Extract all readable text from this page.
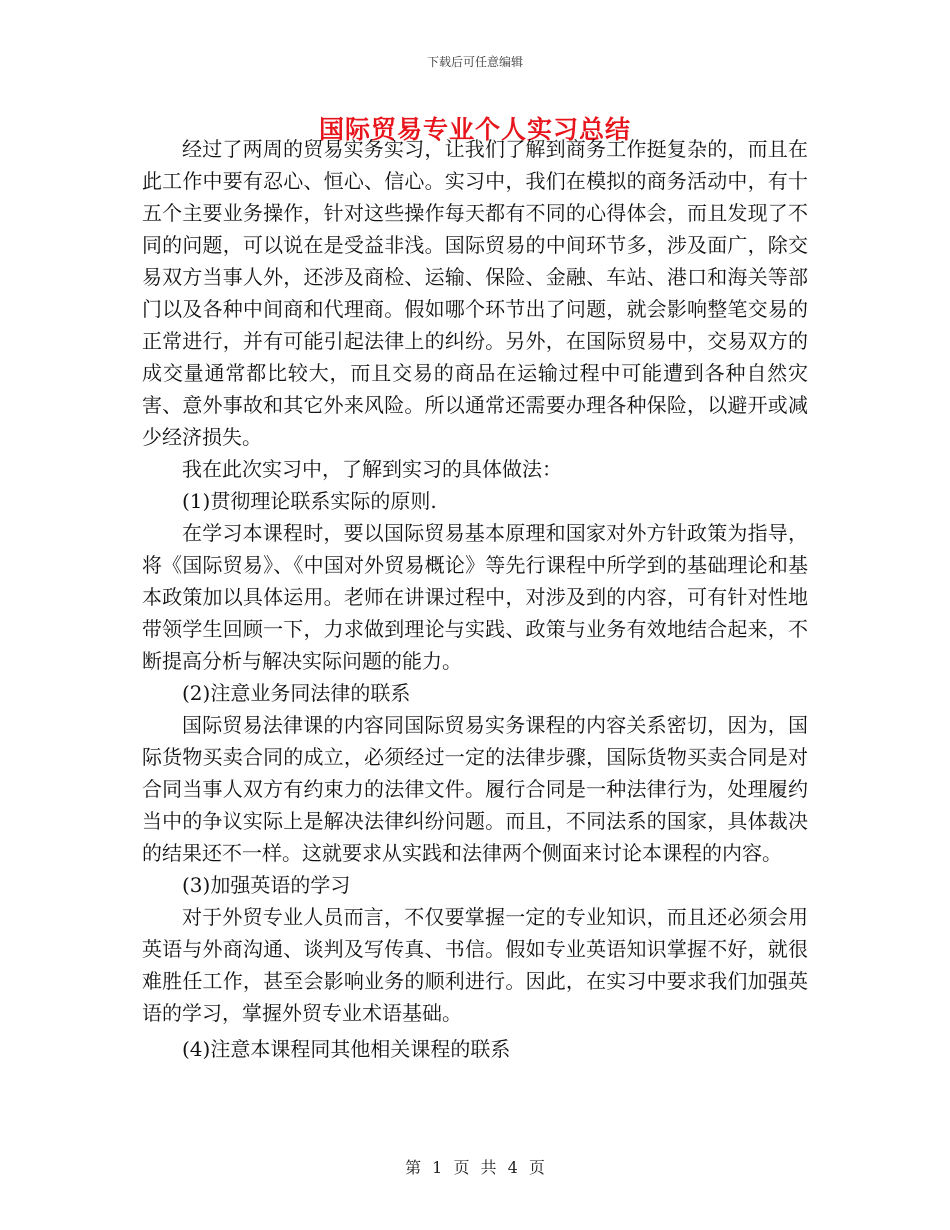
下载后可任意编辑
国际贸易专业个人实习总结

经过了两周的贸易实务实习，让我们了解到商务工作挺复杂的，而且在此工作中要有忍心、恒心、信心。实习中，我们在模拟的商务活动中，有十五个主要业务操作，针对这些操作每天都有不同的心得体会，而且发现了不同的问题，可以说在是受益非浅。国际贸易的中间环节多，涉及面广，除交易双方当事人外，还涉及商检、运输、保险、金融、车站、港口和海关等部门以及各种中间商和代理商。假如哪个环节出了问题，就会影响整笔交易的正常进行，并有可能引起法律上的纠纷。另外，在国际贸易中，交易双方的成交量通常都比较大，而且交易的商品在运输过程中可能遭到各种自然灾害、意外事故和其它外来风险。所以通常还需要办理各种保险，以避开或减少经济损失。

我在此次实习中，了解到实习的具体做法：

(1)贯彻理论联系实际的原则.

在学习本课程时，要以国际贸易基本原理和国家对外方针政策为指导，将《国际贸易》、《中国对外贸易概论》等先行课程中所学到的基础理论和基本政策加以具体运用。老师在讲课过程中，对涉及到的内容，可有针对性地带领学生回顾一下，力求做到理论与实践、政策与业务有效地结合起来，不断提高分析与解决实际问题的能力。

(2)注意业务同法律的联系

国际贸易法律课的内容同国际贸易实务课程的内容关系密切，因为，国际货物买卖合同的成立，必须经过一定的法律步骤，国际货物买卖合同是对合同当事人双方有约束力的法律文件。履行合同是一种法律行为，处理履约当中的争议实际上是解决法律纠纷问题。而且，不同法系的国家，具体裁决的结果还不一样。这就要求从实践和法律两个侧面来讨论本课程的内容。

(3)加强英语的学习

对于外贸专业人员而言，不仅要掌握一定的专业知识，而且还必须会用英语与外商沟通、谈判及写传真、书信。假如专业英语知识掌握不好，就很难胜任工作，甚至会影响业务的顺利进行。因此，在实习中要求我们加强英语的学习，掌握外贸专业术语基础。

(4)注意本课程同其他相关课程的联系

第 1 页 共 4 页
